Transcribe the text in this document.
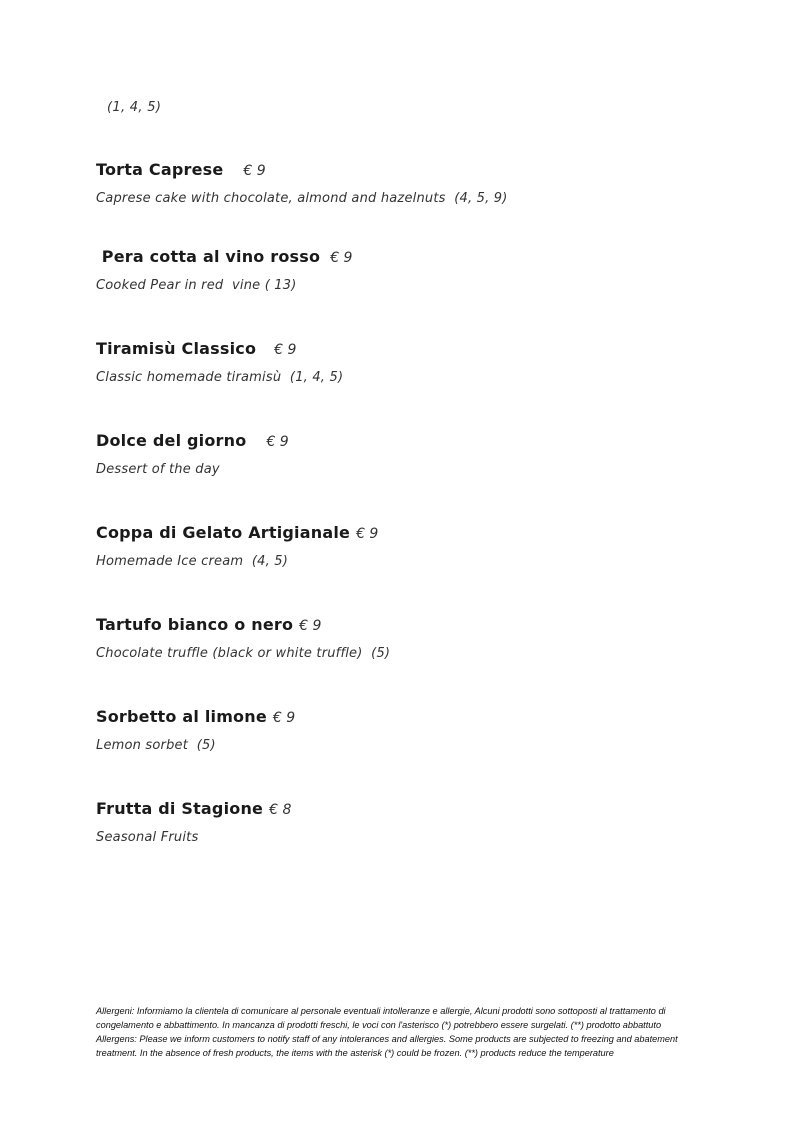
(1, 4, 5)
Torta Caprese € 9
Caprese cake with chocolate, almond and hazelnuts  (4, 5, 9)
Pera cotta al vino rosso € 9
Cooked Pear in red  vine ( 13)
Tiramisù Classico € 9
Classic homemade tiramisù  (1, 4, 5)
Dolce del giorno € 9
Dessert of the day
Coppa di Gelato Artigianale € 9
Homemade Ice cream  (4, 5)
Tartufo bianco o nero € 9
Chocolate truffle (black or white truffle)  (5)
Sorbetto al limone € 9
Lemon sorbet  (5)
Frutta di Stagione € 8
Seasonal Fruits
Allergeni: Informiamo la clientela di comunicare al personale eventuali intolleranze e allergie, Alcuni prodotti sono sottoposti al trattamento di
congelamento e abbattimento. In mancanza di prodotti freschi, le voci con l'asterisco (*) potrebbero essere surgelati. (**) prodotto abbattuto
Allergens: Please we inform customers to notify staff of any intolerances and allergies. Some products are subjected to freezing and abatement
treatment. In the absence of fresh products, the items with the asterisk (*) could be frozen. (**) products reduce the temperature
